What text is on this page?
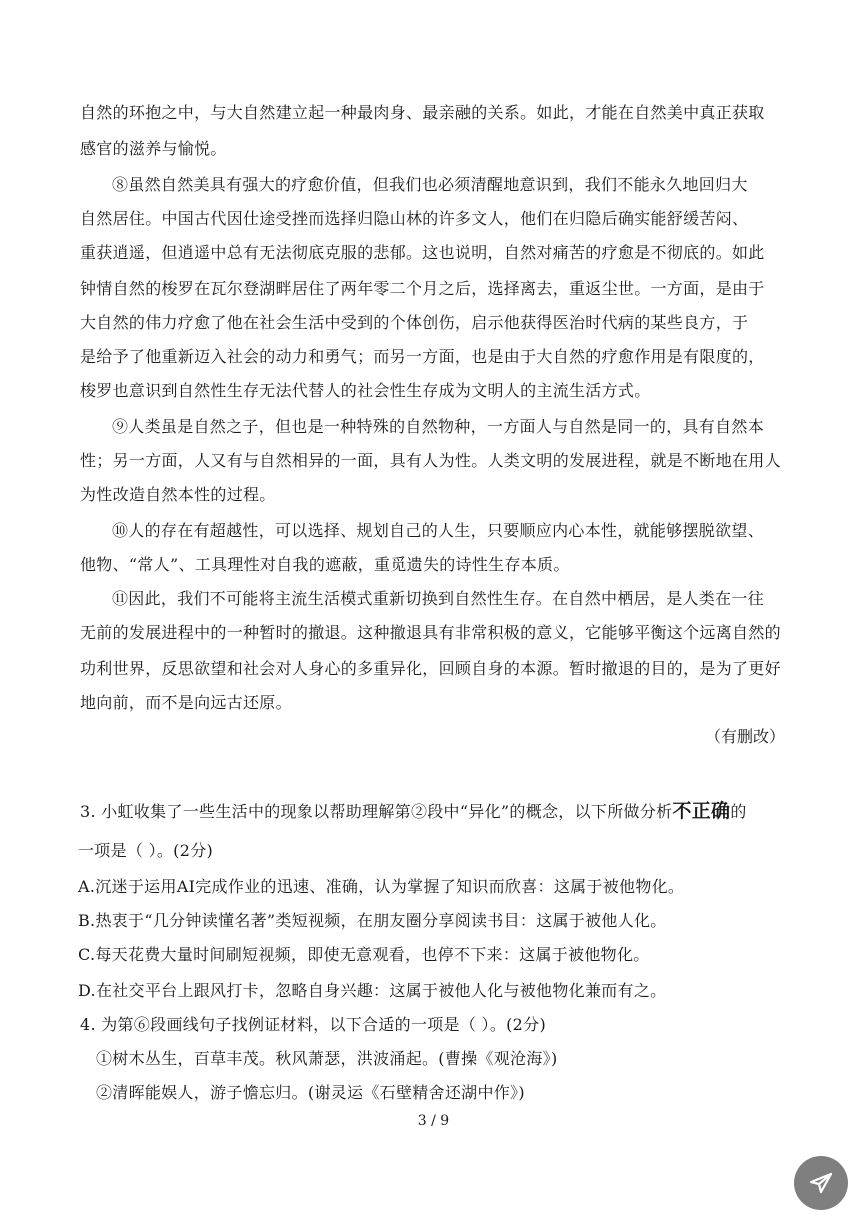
自然的环抱之中，与大自然建立起一种最肉身、最亲融的关系。如此，才能在自然美中真正获取
感官的滋养与愉悦。
⑧虽然自然美具有强大的疗愈价值，但我们也必须清醒地意识到，我们不能永久地回归大
自然居住。中国古代因仕途受挫而选择归隐山林的许多文人，他们在归隐后确实能舒缓苦闷、
重获逍遥，但逍遥中总有无法彻底克服的悲郁。这也说明，自然对痛苦的疗愈是不彻底的。如此
钟情自然的梭罗在瓦尔登湖畔居住了两年零二个月之后，选择离去，重返尘世。一方面，是由于
大自然的伟力疗愈了他在社会生活中受到的个体创伤，启示他获得医治时代病的某些良方，于
是给予了他重新迈入社会的动力和勇气；而另一方面，也是由于大自然的疗愈作用是有限度的，
梭罗也意识到自然性生存无法代替人的社会性生存成为文明人的主流生活方式。
⑨人类虽是自然之子，但也是一种特殊的自然物种，一方面人与自然是同一的，具有自然本
性；另一方面，人又有与自然相异的一面，具有人为性。人类文明的发展进程，就是不断地在用人
为性改造自然本性的过程。
⑩人的存在有超越性，可以选择、规划自己的人生，只要顺应内心本性，就能够摆脱欲望、
他物、“常人”、工具理性对自我的遮蔽，重觅遗失的诗性生存本质。
⑪因此，我们不可能将主流生活模式重新切换到自然性生存。在自然中栖居，是人类在一往
无前的发展进程中的一种暂时的撤退。这种撤退具有非常积极的意义，它能够平衡这个远离自然的
功利世界，反思欲望和社会对人身心的多重异化，回顾自身的本源。暂时撤退的目的，是为了更好
地向前，而不是向远古还原。
（有删改）
3. 小虹收集了一些生活中的现象以帮助理解第②段中“异化”的概念，以下所做分析不正确的
一项是（ ）。(2分)
A.沉迷于运用AI完成作业的迅速、准确，认为掌握了知识而欣喜：这属于被他物化。
B.热衷于“几分钟读懂名著”类短视频，在朋友圈分享阅读书目：这属于被他人化。
C.每天花费大量时间刷短视频，即使无意观看，也停不下来：这属于被他物化。
D.在社交平台上跟风打卡，忽略自身兴趣：这属于被他人化与被他物化兼而有之。
4. 为第⑥段画线句子找例证材料，以下合适的一项是（ ）。(2分)
①树木丛生，百草丰茂。秋风萧瑟，洪波涌起。(曹操《观沧海》)
②清晖能娱人，游子憺忘归。(谢灵运《石壁精舍还湖中作》)
3 / 9
